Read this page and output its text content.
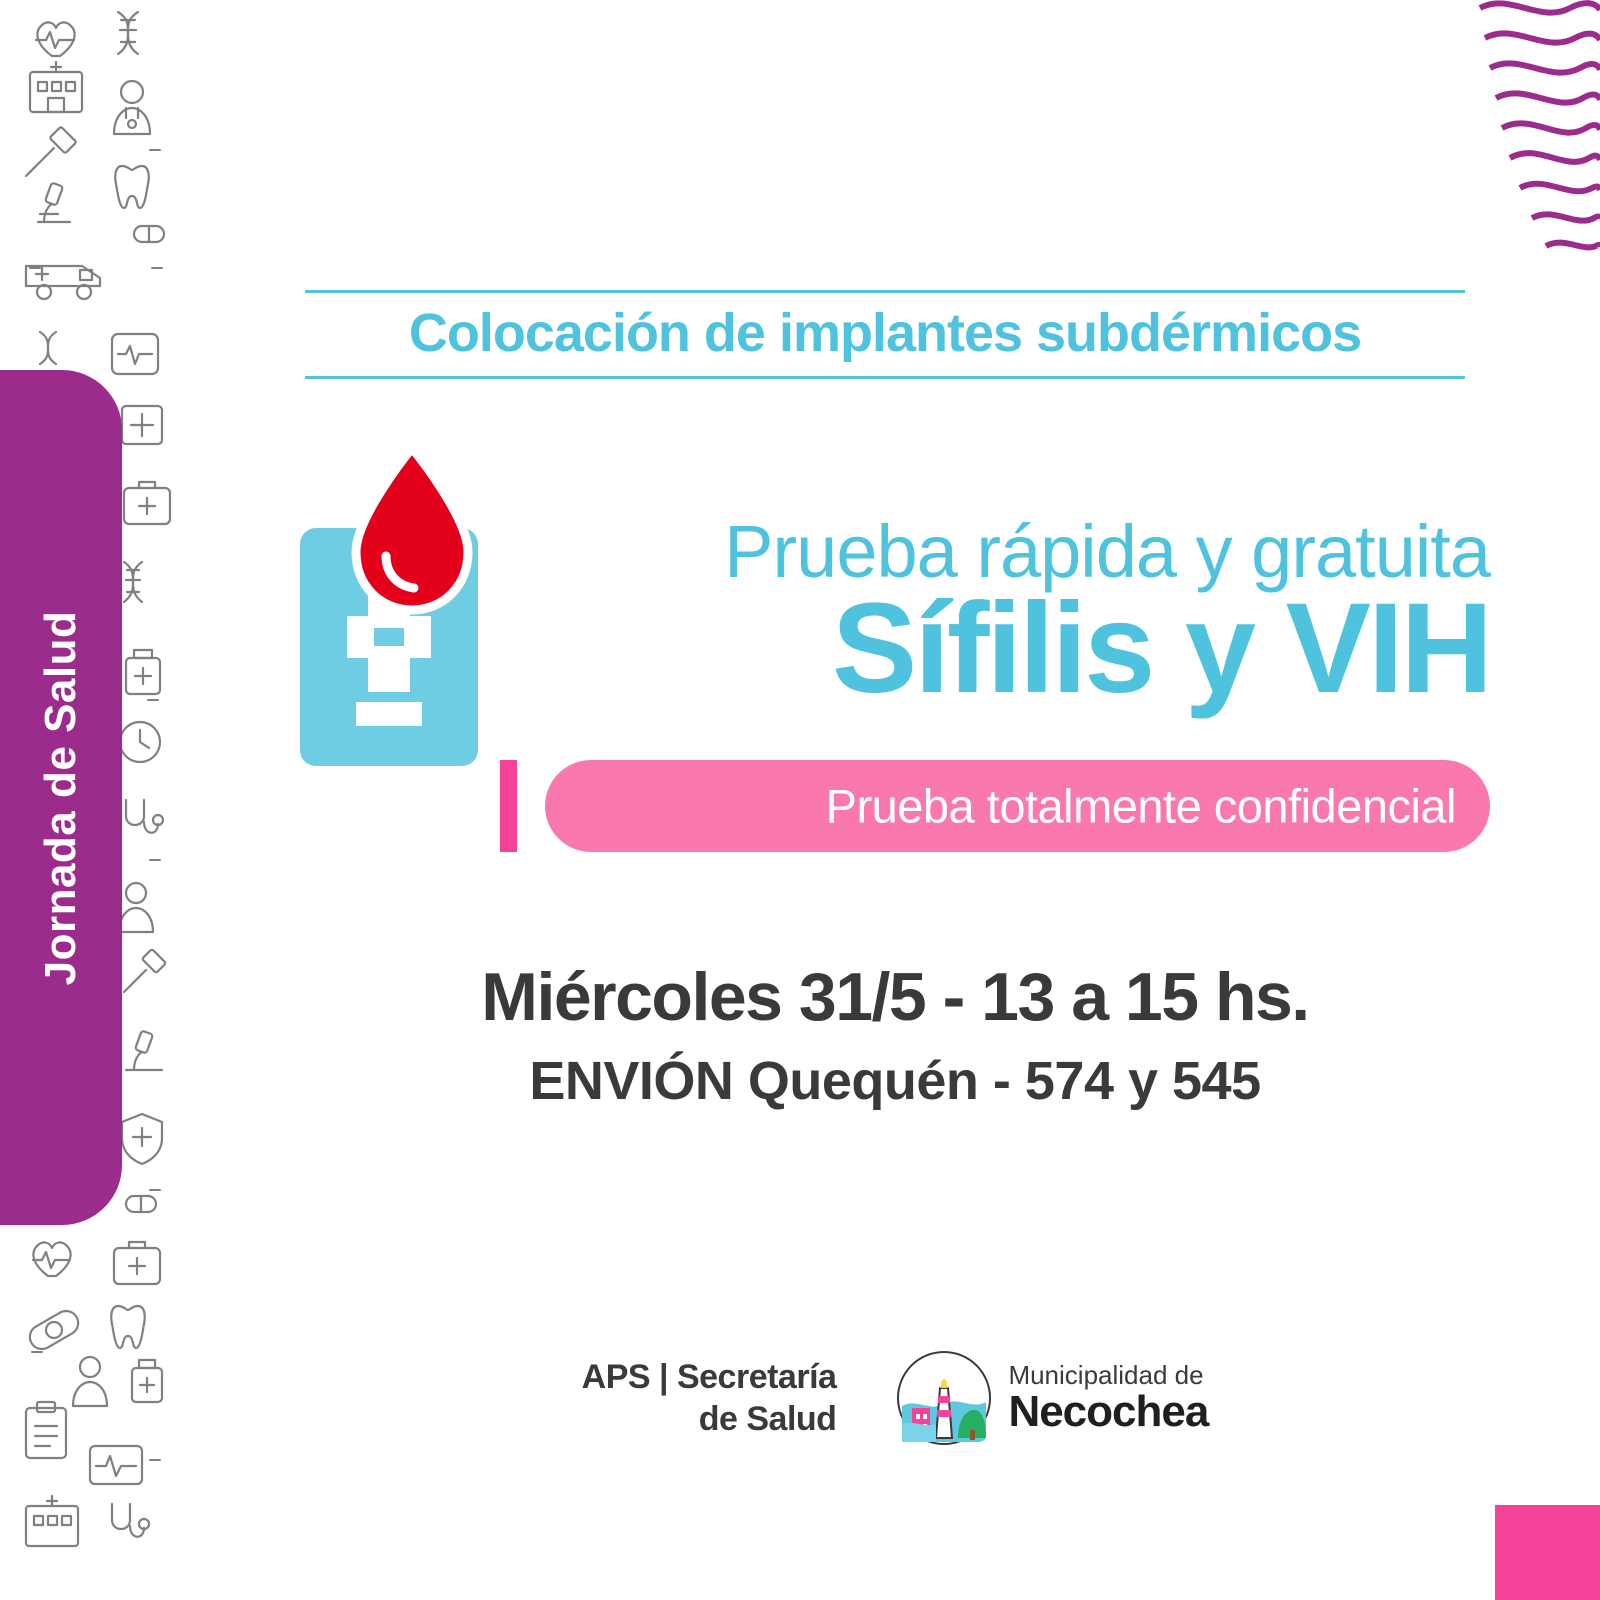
Jornada de Salud
Colocación de implantes subdérmicos
Prueba rápida y gratuita
Sífilis y VIH
Prueba totalmente confidencial
Miércoles 31/5 - 13 a 15 hs.
ENVIÓN Quequén - 574 y 545
APS | Secretaría
de Salud
Municipalidad de
Necochea
